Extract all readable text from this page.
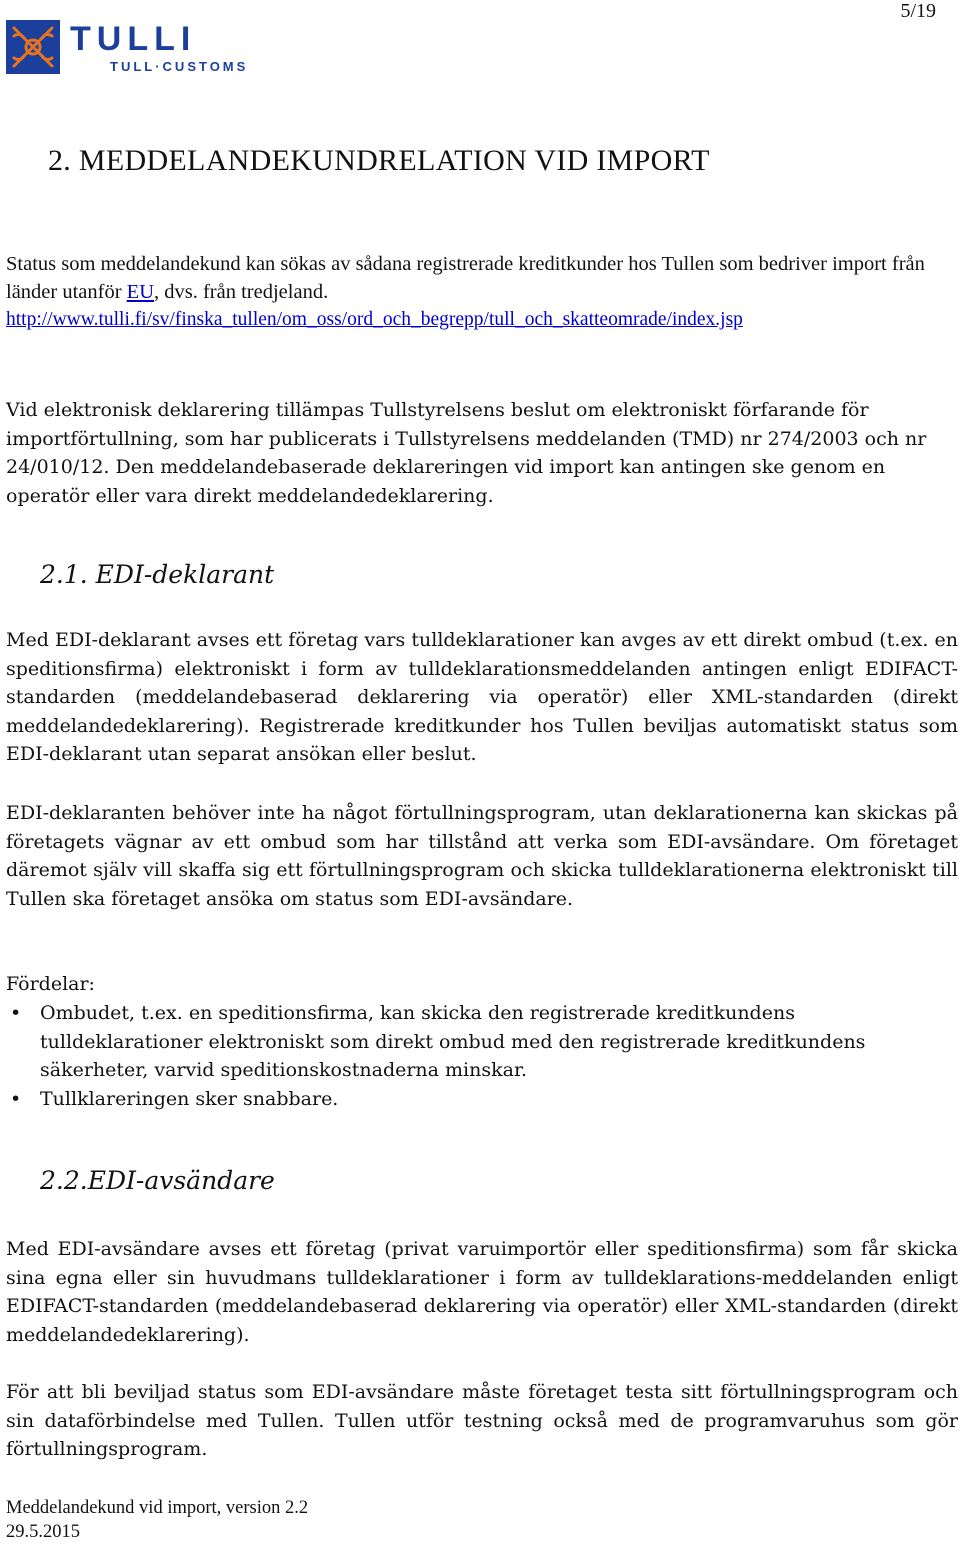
TULLI
TULL·CUSTOMS
5/19
2. MEDDELANDEKUNDRELATION VID IMPORT

Status som meddelandekund kan sökas av sådana registrerade kreditkunder hos Tullen som bedriver import från länder utanför EU, dvs. från tredjeland.

http://www.tulli.fi/sv/finska_tullen/om_oss/ord_och_begrepp/tull_och_skatteomrade/index.jsp

Vid elektronisk deklarering tillämpas Tullstyrelsens beslut om elektroniskt förfarande för importförtullning, som har publicerats i Tullstyrelsens meddelanden (TMD) nr 274/2003 och nr 24/010/12. Den meddelandebaserade deklareringen vid import kan antingen ske genom en operatör eller vara direkt meddelandedeklarering.

2.1. EDI-deklarant

Med EDI-deklarant avses ett företag vars tulldeklarationer kan avges av ett direkt ombud (t.ex. en speditionsfirma) elektroniskt i form av tulldeklarationsmeddelanden antingen enligt EDIFACT-standarden (meddelandebaserad deklarering via operatör) eller XML-standarden (direkt meddelandedeklarering). Registrerade kreditkunder hos Tullen beviljas automatiskt status som EDI-deklarant utan separat ansökan eller beslut.

EDI-deklaranten behöver inte ha något förtullningsprogram, utan deklarationerna kan skickas på företagets vägnar av ett ombud som har tillstånd att verka som EDI-avsändare. Om företaget däremot själv vill skaffa sig ett förtullningsprogram och skicka tulldeklarationerna elektroniskt till Tullen ska företaget ansöka om status som EDI-avsändare.

Fördelar:

• Ombudet, t.ex. en speditionsfirma, kan skicka den registrerade kreditkundens tulldeklarationer elektroniskt som direkt ombud med den registrerade kreditkundens säkerheter, varvid speditionskostnaderna minskar.
• Tullklareringen sker snabbare.
2.2.EDI-avsändare

Med EDI-avsändare avses ett företag (privat varuimportör eller speditionsfirma) som får skicka sina egna eller sin huvudmans tulldeklarationer i form av tulldeklarations-meddelanden enligt EDIFACT-standarden (meddelandebaserad deklarering via operatör) eller XML-standarden (direkt meddelandedeklarering).

För att bli beviljad status som EDI-avsändare måste företaget testa sitt förtullningsprogram och sin dataförbindelse med Tullen. Tullen utför testning också med de programvaruhus som gör förtullningsprogram.

Meddelandekund vid import, version 2.2
29.5.2015
